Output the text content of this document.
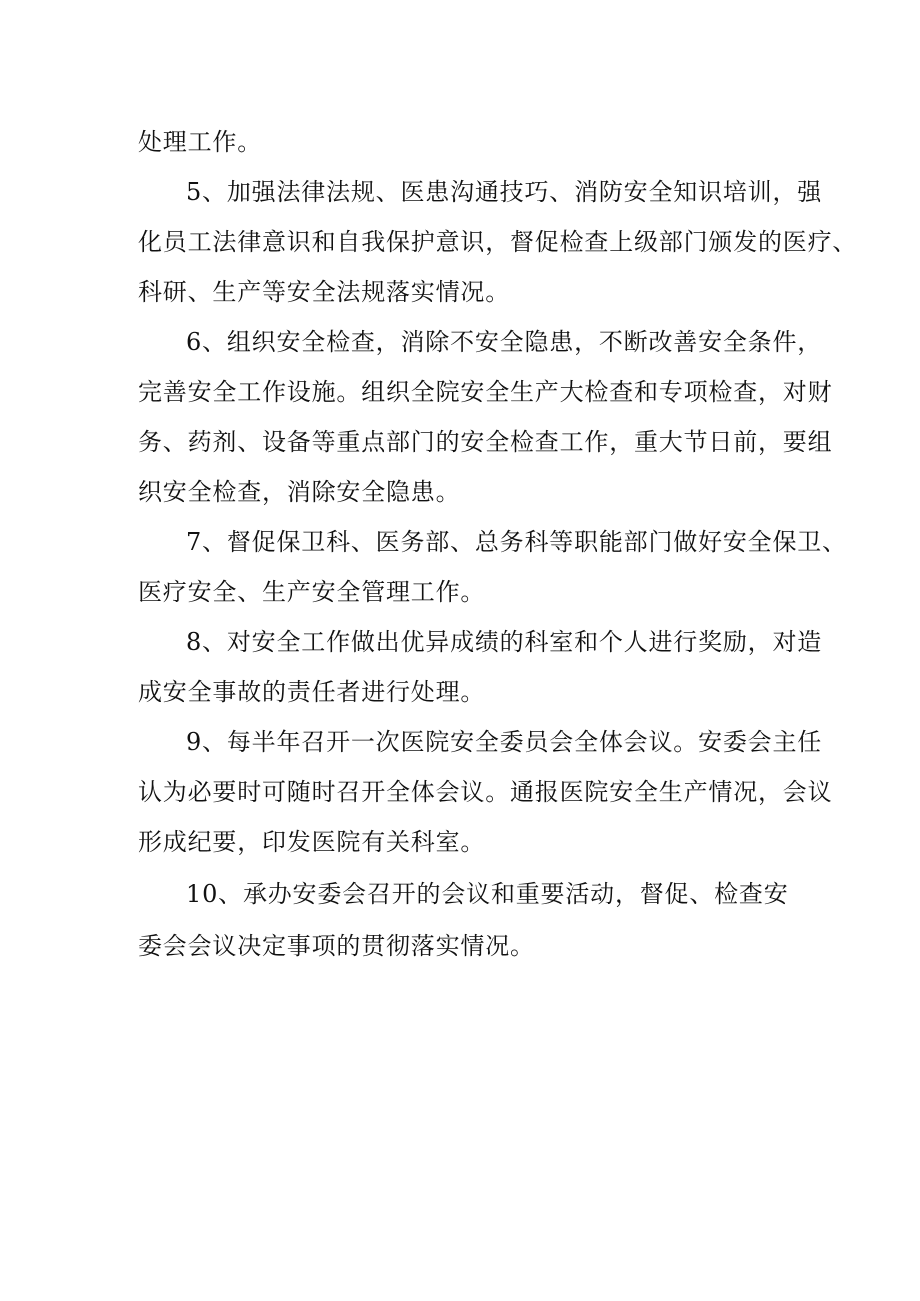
处理工作。
5、加强法律法规、医患沟通技巧、消防安全知识培训，强
化员工法律意识和自我保护意识，督促检查上级部门颁发的医疗、
科研、生产等安全法规落实情况。
6、组织安全检查，消除不安全隐患，不断改善安全条件，
完善安全工作设施。组织全院安全生产大检查和专项检查，对财
务、药剂、设备等重点部门的安全检查工作，重大节日前，要组
织安全检查，消除安全隐患。
7、督促保卫科、医务部、总务科等职能部门做好安全保卫、
医疗安全、生产安全管理工作。
8、对安全工作做出优异成绩的科室和个人进行奖励，对造
成安全事故的责任者进行处理。
9、每半年召开一次医院安全委员会全体会议。安委会主任
认为必要时可随时召开全体会议。通报医院安全生产情况，会议
形成纪要，印发医院有关科室。
10、承办安委会召开的会议和重要活动，督促、检查安
委会会议决定事项的贯彻落实情况。
